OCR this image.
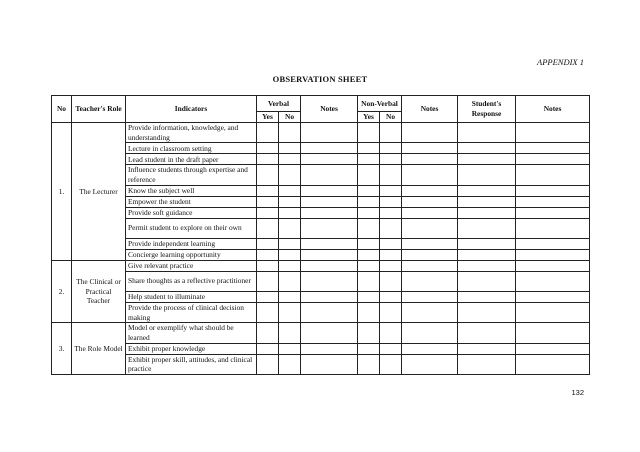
APPENDIX 1
OBSERVATION SHEET
No	Teacher's Role	Indicators	Verbal		Notes	Non-Verbal		Notes	Student's Response	Notes
			Yes	No		Yes	No			
1.	The Lecturer	Provide information, knowledge, and understanding								
		Lecture in classroom setting								
		Lead student in the draft paper								
		Influence students through expertise and reference								
		Know the subject well								
		Empower the student								
		Provide soft guidance								
		Permit student to explore on their own								
		Provide independent learning								
		Concierge learning opportunity								
2.	The Clinical or Practical Teacher	Give relevant practice								
		Share thoughts as a reflective practitioner								
		Help student to illuminate								
		Provide the process of clinical decision making								
3.	The Role Model	Model or exemplify what should be learned								
		Exhibit proper knowledge								
		Exhibit proper skill, attitudes, and clinical practice								
132
